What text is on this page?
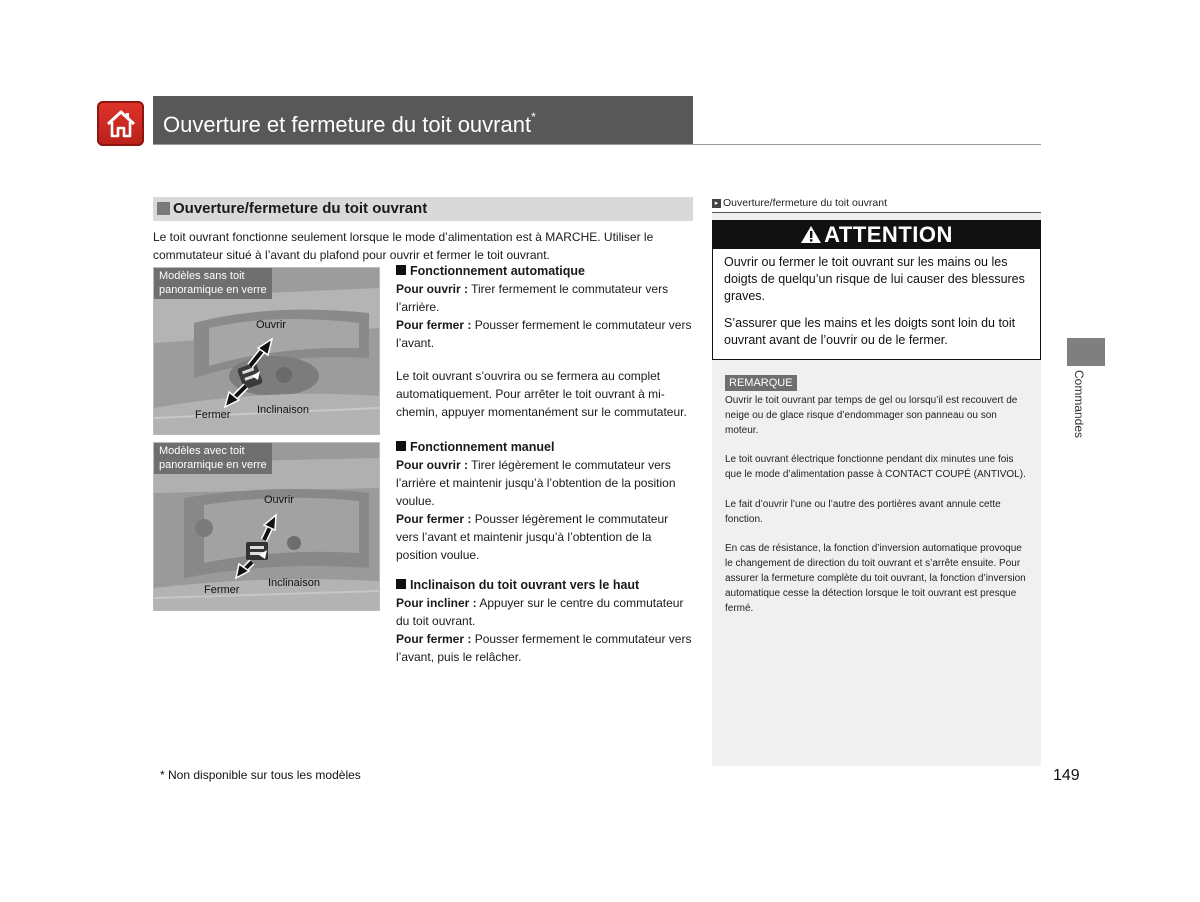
Ouverture et fermeture du toit ouvrant*
Ouverture/fermeture du toit ouvrant
Le toit ouvrant fonctionne seulement lorsque le mode d’alimentation est à MARCHE. Utiliser le commutateur situé à l’avant du plafond pour ouvrir et fermer le toit ouvrant.
Modèles sans toit
panoramique en verre
Ouvrir
Fermer Inclinaison
Modèles avec toit
panoramique en verre
Ouvrir
Fermer
Inclinaison
Fonctionnement automatique
Pour ouvrir : Tirer fermement le commutateur vers l’arrière.
Pour fermer : Pousser fermement le commutateur vers l’avant.
Le toit ouvrant s’ouvrira ou se fermera au complet automatiquement. Pour arrêter le toit ouvrant à mi-chemin, appuyer momentanément sur le commutateur.
Fonctionnement manuel
Pour ouvrir : Tirer légèrement le commutateur vers l’arrière et maintenir jusqu’à l’obtention de la position voulue.
Pour fermer : Pousser légèrement le commutateur vers l’avant et maintenir jusqu’à l’obtention de la position voulue.
Inclinaison du toit ouvrant vers le haut
Pour incliner : Appuyer sur le centre du commutateur du toit ouvrant.
Pour fermer : Pousser fermement le commutateur vers l’avant, puis le relâcher.
▸ Ouverture/fermeture du toit ouvrant
ATTENTION
Ouvrir ou fermer le toit ouvrant sur les mains ou les doigts de quelqu’un risque de lui causer des blessures graves.
S’assurer que les mains et les doigts sont loin du toit ouvrant avant de l’ouvrir ou de le fermer.
REMARQUE
Ouvrir le toit ouvrant par temps de gel ou lorsqu’il est recouvert de neige ou de glace risque d’endommager son panneau ou son moteur.
Le toit ouvrant électrique fonctionne pendant dix minutes une fois que le mode d’alimentation passe à CONTACT COUPÉ (ANTIVOL).
Le fait d’ouvrir l’une ou l’autre des portières avant annule cette fonction.
En cas de résistance, la fonction d’inversion automatique provoque le changement de direction du toit ouvrant et s’arrête ensuite. Pour assurer la fermeture complète du toit ouvrant, la fonction d’inversion automatique cesse la détection lorsque le toit ouvrant est presque fermé.
Commandes
* Non disponible sur tous les modèles	149
